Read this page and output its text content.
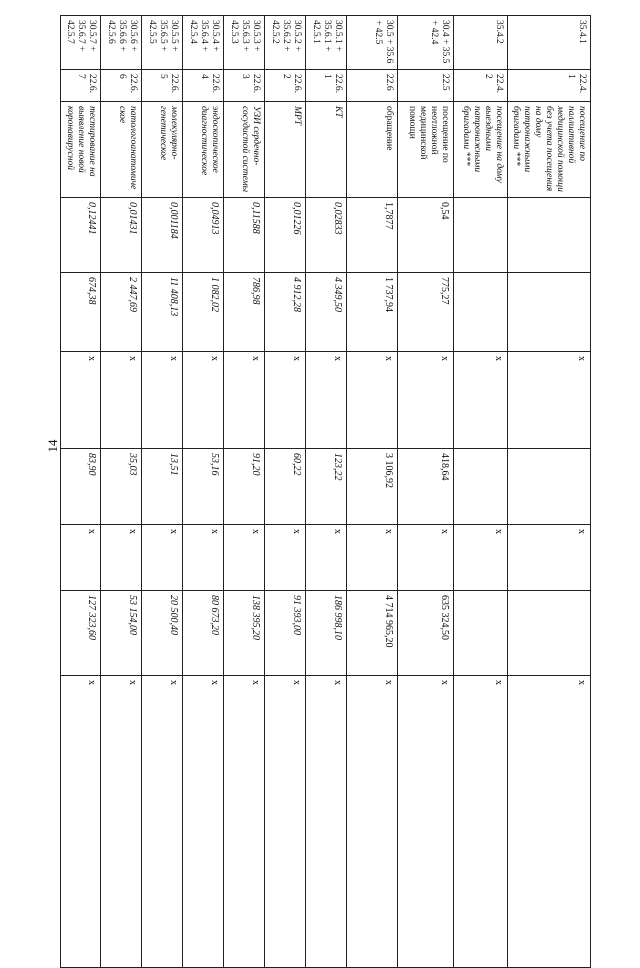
14
35.4.1	22.4.1	посещение по паллиативной медицинской помощи без учета посещения на дому патронажными бригадами ***			x		x		x
35.4.2	22.4.2	посещение на дому выездными патронажными бригадами ***			x		x		x
30.4 + 35.5 + 42.4	22.5	посещение по неотложной медицинской помощи	0,54	775,27	x	418,64	x	635 324,50	x
30.5 + 35.6 + 42.5	22.6	обращение	1,7877	1 737,94	x	3 106,92	x	4 714 965,20	x
30.5.1 + 35.6.1 + 42.5.1	22.6.1	КТ	0,02833	4 349,50	x	123,22	x	186 998,10	x
30.5.2 + 35.6.2 + 42.5.2	22.6.2	МРТ	0,01226	4 912,28	x	60,22	x	91 393,00	x
30.5.3 + 35.6.3 + 42.5.3	22.6.3	УЗИ сердечно-сосудистой системы	0,11588	786,98	x	91,20	x	138 395,20	x
30.5.4 + 35.6.4 + 42.5.4	22.6.4	эндоскопическое диагностическое	0,04913	1 082,02	x	53,16	x	80 673,20	x
30.5.5 + 35.6.5 + 42.5.5	22.6.5	молекулярно-генетическое	0,001184	11 408,13	x	13,51	x	20 500,40	x
30.5.6 + 35.6.6 + 42.5.6	22.6.6	патологоанатомическое	0,01431	2 447,69	x	35,03	x	53 154,00	x
30.5.7 + 35.6.7 + 42.5.7	22.6.7	тестирование на выявление новой коронавирусной	0,12441	674,38	x	83,90	x	127 323,60	x
